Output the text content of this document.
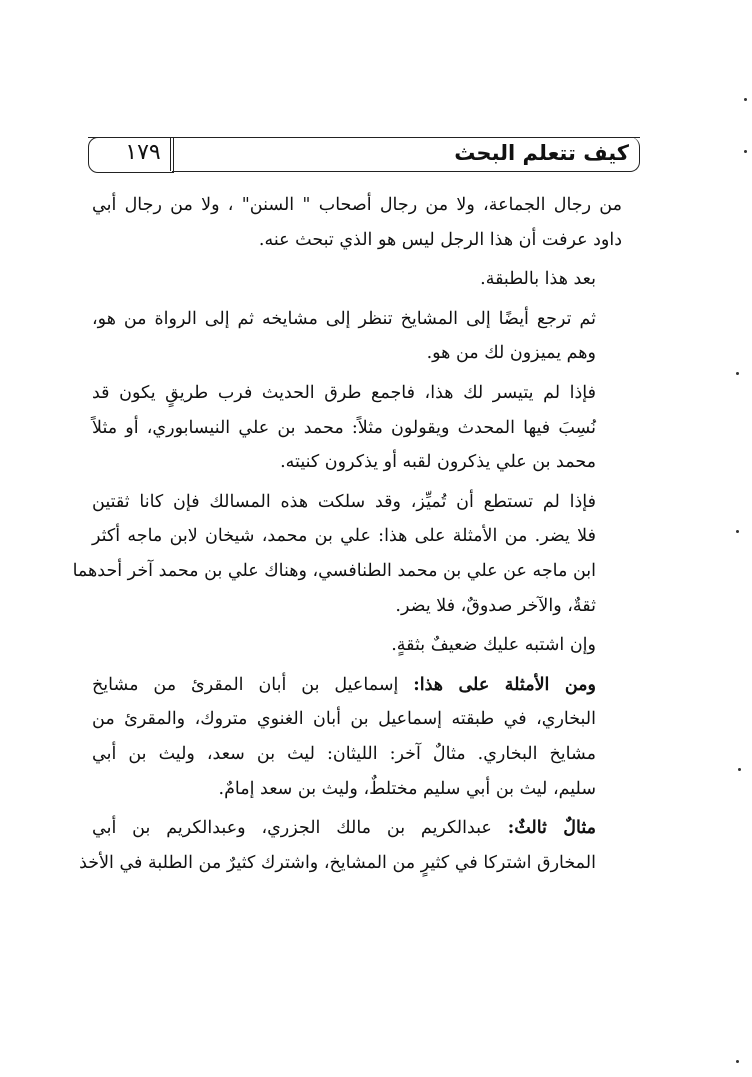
١٧٩	كيف تتعلم البحث

من رجال الجماعة، ولا من رجال أصحاب " السنن" ، ولا من رجال أبي
داود عرفت أن هذا الرجل ليس هو الذي تبحث عنه.

بعد هذا بالطبقة.

ثم ترجع أيضًا إلى المشايخ تنظر إلى مشايخه ثم إلى الرواة من هو،
وهم يميزون لك من هو.

فإذا لم يتيسر لك هذا، فاجمع طرق الحديث فرب طريقٍ يكون قد
نُسِبَ فيها المحدث ويقولون مثلاً: محمد بن علي النيسابوري، أو مثلاً
محمد بن علي يذكرون لقبه أو يذكرون كنيته.

فإذا لم تستطع أن تُميِّز، وقد سلكت هذه المسالك فإن كانا ثقتين
فلا يضر. من الأمثلة على هذا: علي بن محمد، شيخان لابن ماجه أكثر
ابن ماجه عن علي بن محمد الطنافسي، وهناك علي بن محمد آخر أحدهما
ثقةٌ، والآخر صدوقٌ، فلا يضر.

وإن اشتبه عليك ضعيفٌ بثقةٍ.

ومن الأمثلة على هذا: إسماعيل بن أبان المقرئ من مشايخ
البخاري، في طبقته إسماعيل بن أبان الغنوي متروك، والمقرئ من
مشايخ البخاري. مثالٌ آخر: الليثان: ليث بن سعد، وليث بن أبي
سليم، ليث بن أبي سليم مختلطٌ، وليث بن سعد إمامٌ.

مثالٌ ثالثٌ: عبدالكريم بن مالك الجزري، وعبدالكريم بن أبي
المخارق اشتركا في كثيرٍ من المشايخ، واشترك كثيرٌ من الطلبة في الأخذ
